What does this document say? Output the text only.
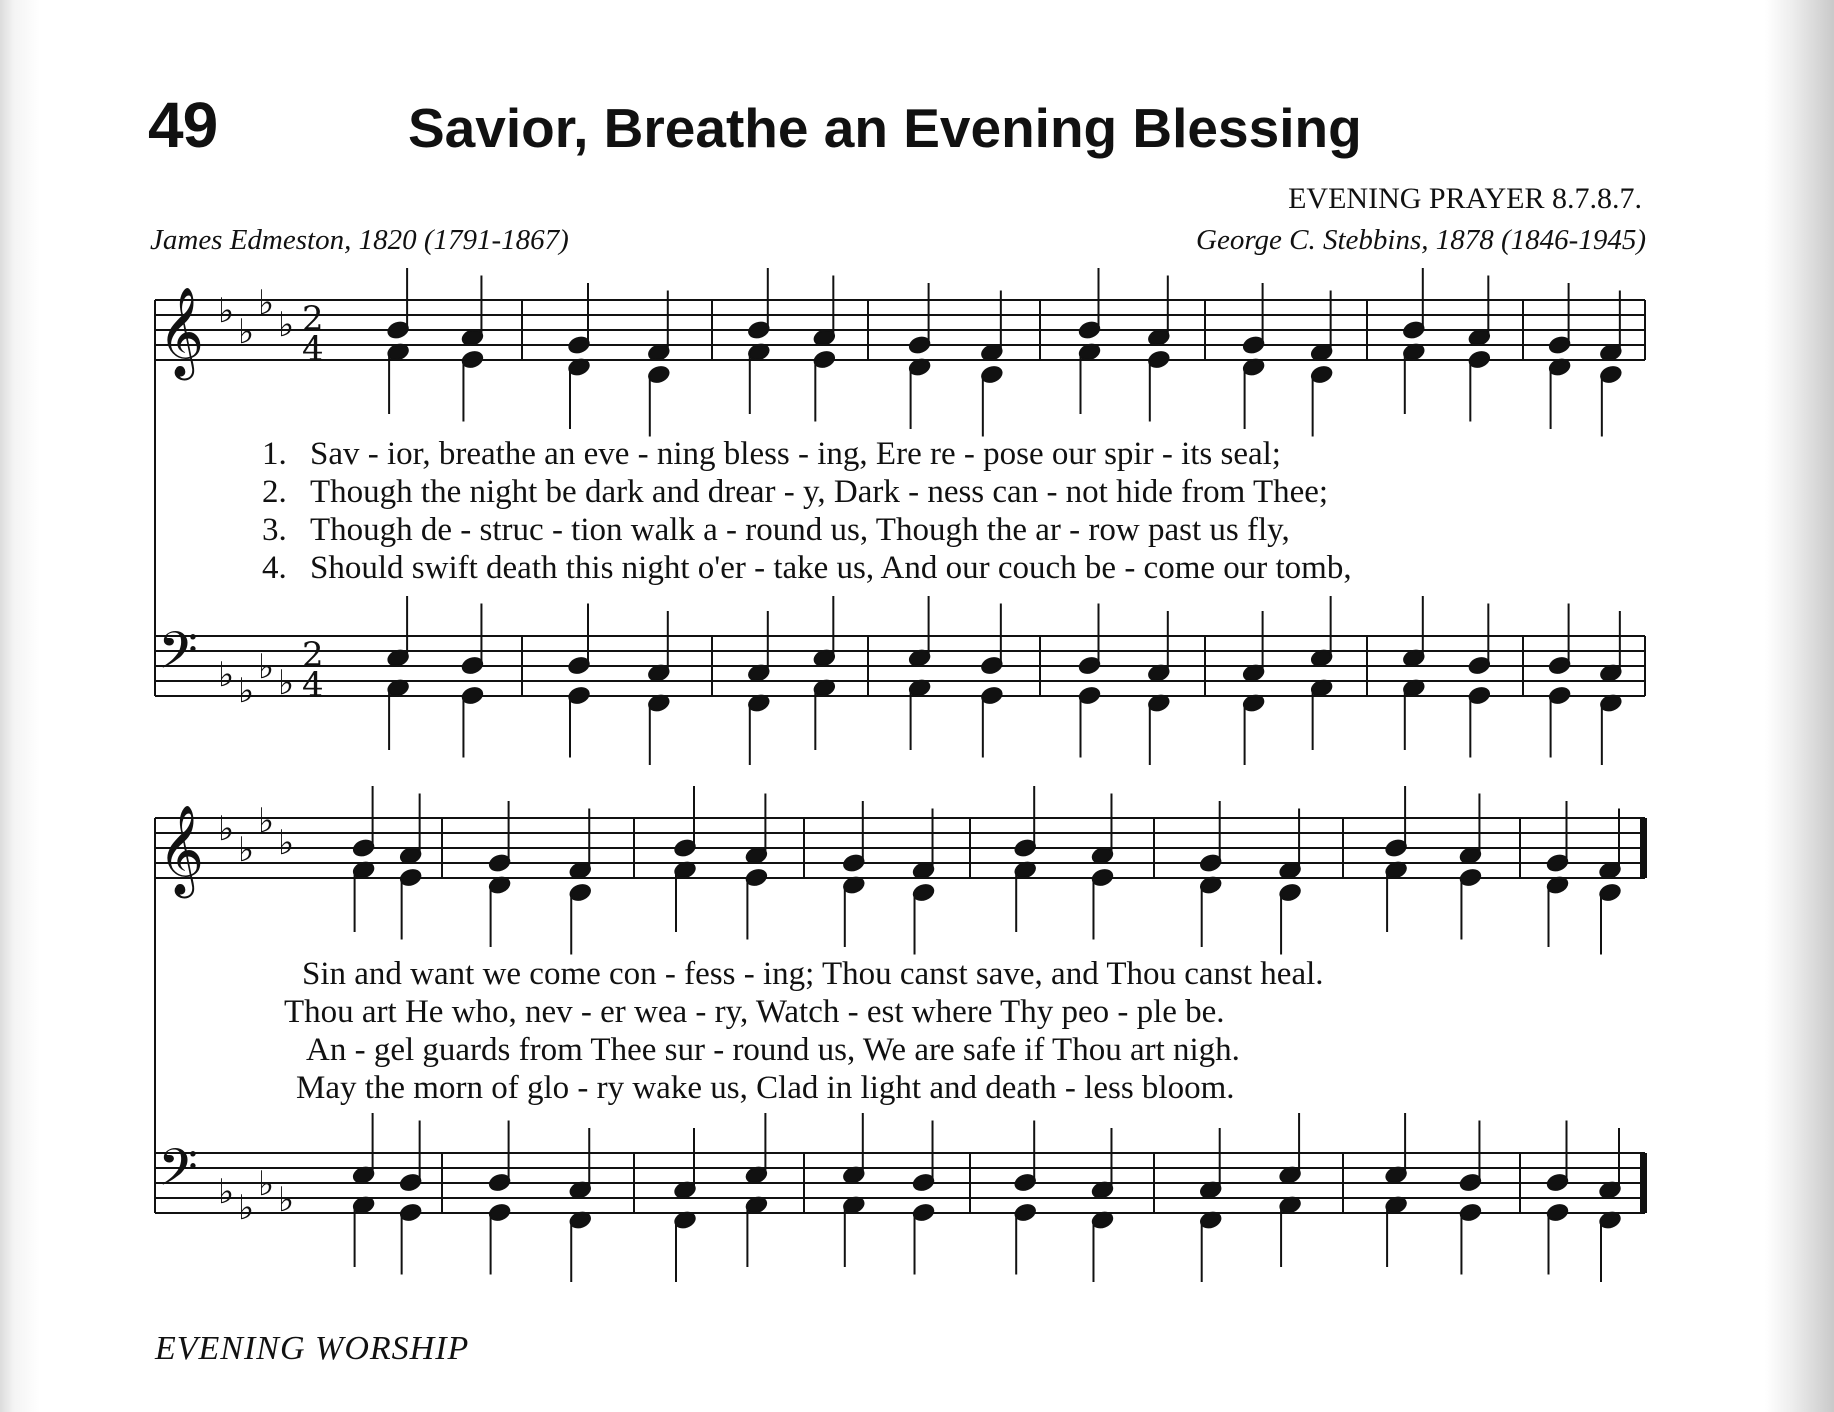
49	Savior, Breathe an Evening Blessing
EVENING PRAYER 8.7.8.7.
James Edmeston, 1820 (1791-1867)	George C. Stebbins, 1878 (1846-1945)
𝄞
𝄢
♭
♭
♭
♭
♭ ♭
♭ ♭
2
4
2
4
𝄞
𝄢
♭
♭
♭
♭
♭ ♭
♭ ♭
1. Sav - ior, breathe an eve - ning bless - ing, Ere re - pose our spir - its seal;
2. Though the night be dark and drear - y, Dark - ness can - not hide from Thee;
3. Though de - struc - tion walk a - round us, Though the ar - row past us fly,
4. Should swift death this night o'er - take us, And our couch be - come our tomb,
Sin and want we come con - fess - ing; Thou canst save, and Thou canst heal.
Thou art He who, nev - er wea - ry, Watch - est where Thy peo - ple be.
An - gel guards from Thee sur - round us, We are safe if Thou art nigh.
May the morn of glo - ry wake us, Clad in light and death - less bloom.
EVENING WORSHIP
